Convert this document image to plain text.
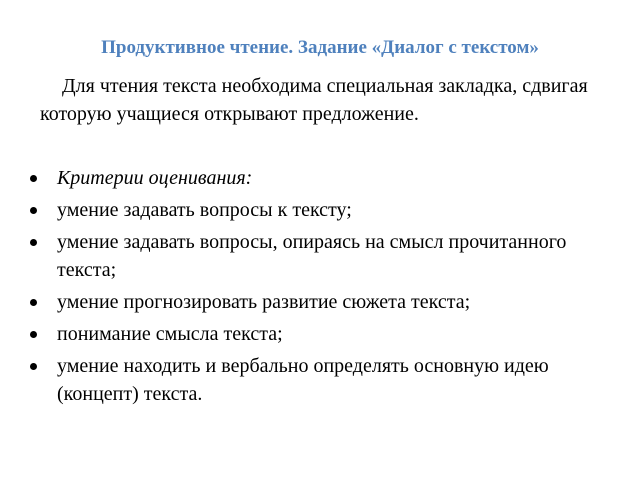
Продуктивное чтение. Задание «Диалог с текстом»
Для чтения текста необходима специальная закладка, сдвигая которую учащиеся открывают предложение.
Критерии оценивания:
умение задавать вопросы к тексту;
умение задавать вопросы, опираясь на смысл прочитанного текста;
умение прогнозировать развитие сюжета текста;
понимание смысла текста;
умение находить и вербально определять основную идею (концепт) текста.
